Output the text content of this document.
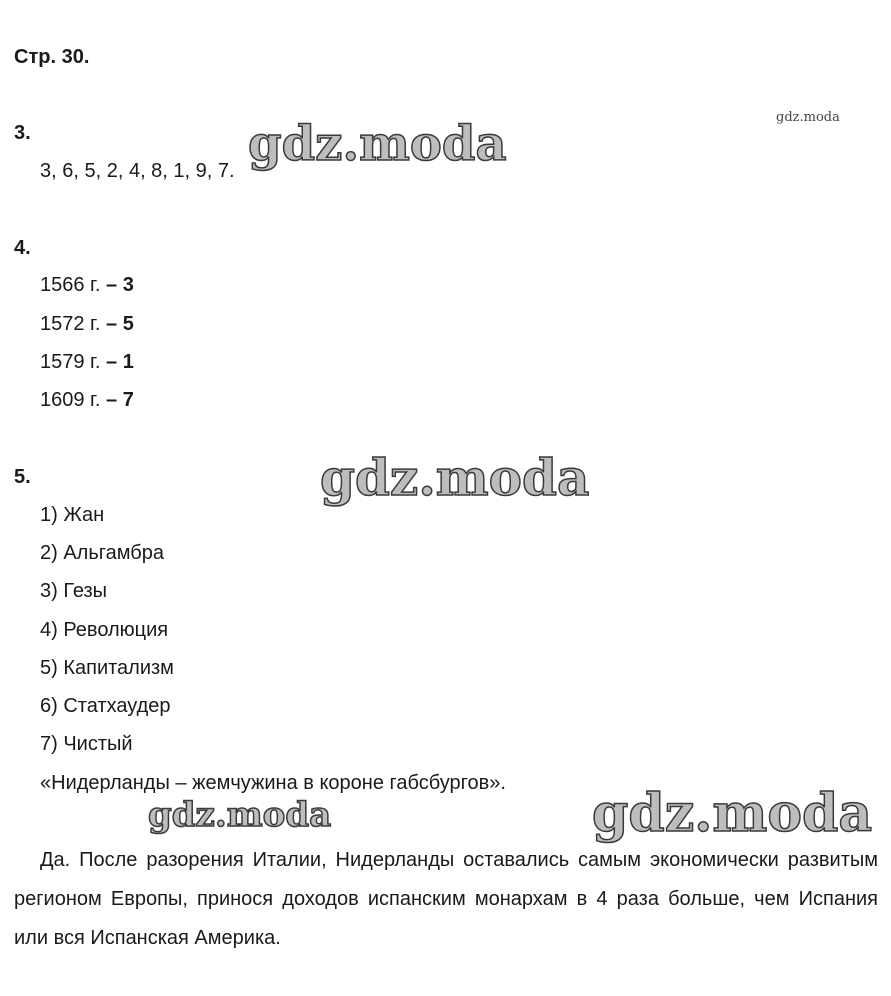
Стр. 30.
gdz.moda
gdz.moda
gdz.moda
gdz.moda	gdz.moda
3.
3, 6, 5, 2, 4, 8, 1, 9, 7.
4.
1566 г. – 3
1572 г. – 5
1579 г. – 1
1609 г. – 7
5.
1) Жан
2) Альгамбра
3) Гезы
4) Революция
5) Капитализм
6) Статхаудер
7) Чистый
«Нидерланды – жемчужина в короне габсбургов».
Да. После разорения Италии, Нидерланды оставались самым экономически развитым регионом Европы, принося доходов испанским монархам в 4 раза больше, чем Испания или вся Испанская Америка.
